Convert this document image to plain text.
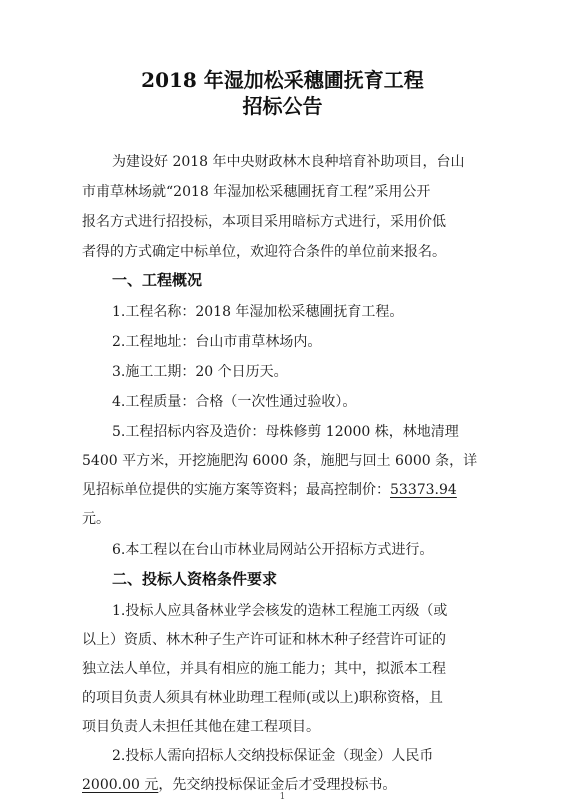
2018 年湿加松采穗圃抚育工程
招标公告
为建设好 2018 年中央财政林木良种培育补助项目，台山
市甫草林场就“2018 年湿加松采穗圃抚育工程”采用公开
报名方式进行招投标，本项目采用暗标方式进行，采用价低
者得的方式确定中标单位，欢迎符合条件的单位前来报名。
一、工程概况
1.工程名称：2018 年湿加松采穗圃抚育工程。
2.工程地址：台山市甫草林场内。
3.施工工期：20 个日历天。
4.工程质量：合格（一次性通过验收）。
5.工程招标内容及造价：母株修剪 12000 株，林地清理
5400 平方米，开挖施肥沟 6000 条，施肥与回土 6000 条，详
见招标单位提供的实施方案等资料；最高控制价：53373.94
元。
6.本工程以在台山市林业局网站公开招标方式进行。
二、投标人资格条件要求
1.投标人应具备林业学会核发的造林工程施工丙级（或
以上）资质、林木种子生产许可证和林木种子经营许可证的
独立法人单位，并具有相应的施工能力；其中，拟派本工程
的项目负责人须具有林业助理工程师(或以上)职称资格，且
项目负责人未担任其他在建工程项目。
2.投标人需向招标人交纳投标保证金（现金）人民币
2000.00 元，先交纳投标保证金后才受理投标书。
1
